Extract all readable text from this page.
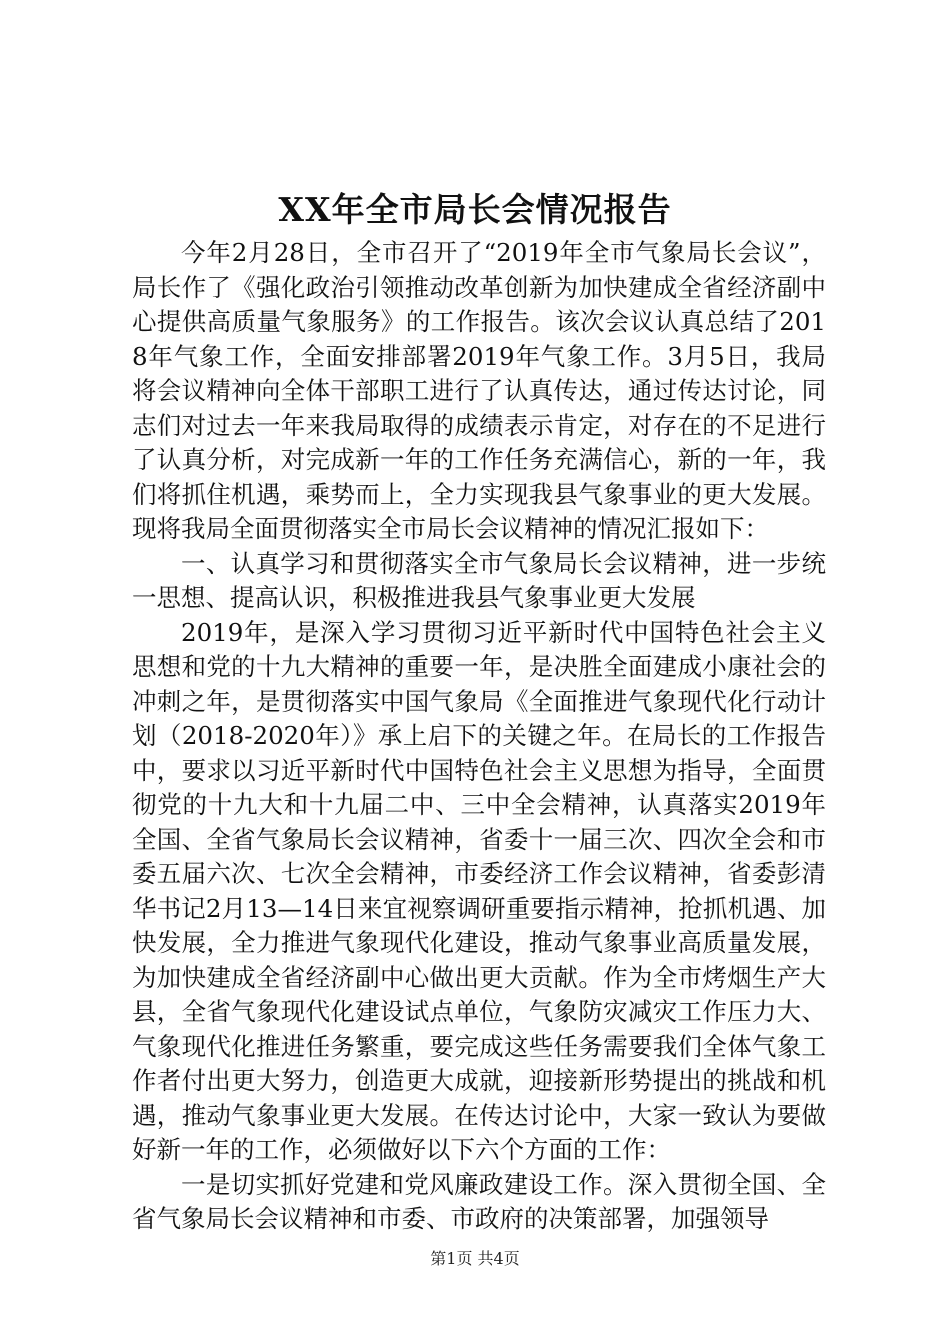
XX年全市局长会情况报告

今年2月28日，全市召开了“2019年全市气象局长会议”，局长作了《强化政治引领推动改革创新为加快建成全省经济副中心提供高质量气象服务》的工作报告。该次会议认真总结了2018年气象工作，全面安排部署2019年气象工作。3月5日，我局将会议精神向全体干部职工进行了认真传达，通过传达讨论，同志们对过去一年来我局取得的成绩表示肯定，对存在的不足进行了认真分析，对完成新一年的工作任务充满信心，新的一年，我们将抓住机遇，乘势而上，全力实现我县气象事业的更大发展。现将我局全面贯彻落实全市局长会议精神的情况汇报如下：

一、认真学习和贯彻落实全市气象局长会议精神，进一步统一思想、提高认识，积极推进我县气象事业更大发展

2019年，是深入学习贯彻习近平新时代中国特色社会主义思想和党的十九大精神的重要一年，是决胜全面建成小康社会的冲刺之年，是贯彻落实中国气象局《全面推进气象现代化行动计划（2018-2020年）》承上启下的关键之年。在局长的工作报告中，要求以习近平新时代中国特色社会主义思想为指导，全面贯彻党的十九大和十九届二中、三中全会精神，认真落实2019年全国、全省气象局长会议精神，省委十一届三次、四次全会和市委五届六次、七次全会精神，市委经济工作会议精神，省委彭清华书记2月13—14日来宜视察调研重要指示精神，抢抓机遇、加快发展，全力推进气象现代化建设，推动气象事业高质量发展，为加快建成全省经济副中心做出更大贡献。作为全市烤烟生产大县，全省气象现代化建设试点单位，气象防灾减灾工作压力大、气象现代化推进任务繁重，要完成这些任务需要我们全体气象工作者付出更大努力，创造更大成就，迎接新形势提出的挑战和机遇，推动气象事业更大发展。在传达讨论中，大家一致认为要做好新一年的工作，必须做好以下六个方面的工作：

一是切实抓好党建和党风廉政建设工作。深入贯彻全国、全省气象局长会议精神和市委、市政府的决策部署，加强领导

第1页 共4页
